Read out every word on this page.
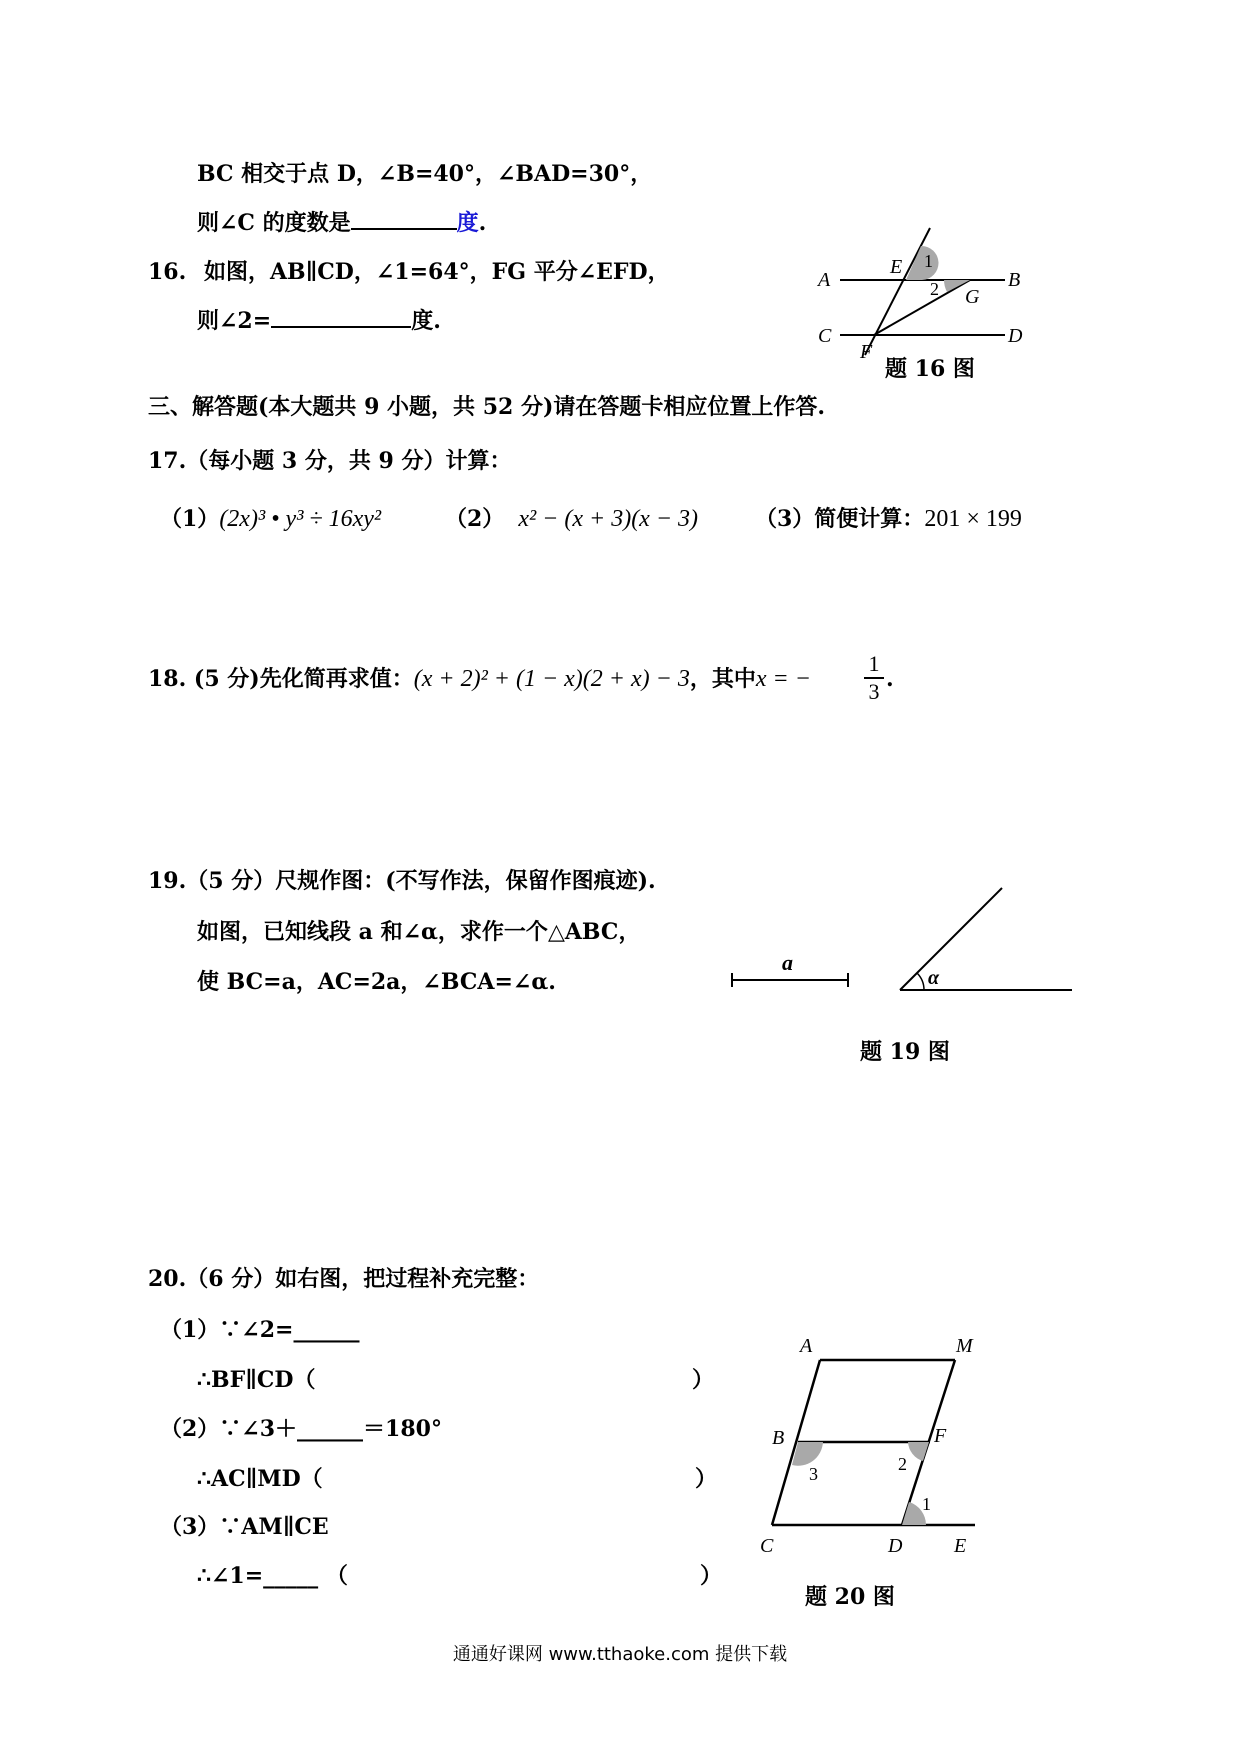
BC 相交于点 D，∠B=40°，∠BAD=30°，
则∠C 的度数是	度.
16. 如图，AB∥CD，∠1=64°，FG 平分∠EFD，
则∠2=	度.
A	B
C	D
E
F
G
1
2
题 16 图
三、解答题(本大题共 9 小题，共 52 分)请在答题卡相应位置上作答.
17.（每小题 3 分，共 9 分）计算：
（1）(2x)³ • y³ ÷ 16xy²	（2） x² − (x + 3)(x − 3)	（3）简便计算：201 × 199
18. (5 分)先化简再求值：(x + 2)² + (1 − x)(2 + x) − 3，其中x = −
1
3 .
19.（5 分）尺规作图：(不写作法，保留作图痕迹).
如图，已知线段 a 和∠α，求作一个△ABC，
使 BC=a，AC=2a，∠BCA=∠α.
a
α
题 19 图
20.（6 分）如右图，把过程补充完整：
（1）∵∠2=______
∴BF∥CD（	）
（2）∵∠3＋______＝180°
∴AC∥MD（	）
（3）∵AM∥CE
∴∠1=_____ （	）
A	M
B	F
C	D	E
1
2
3
题 20 图
通通好课网 www.tthaoke.com 提供下载
